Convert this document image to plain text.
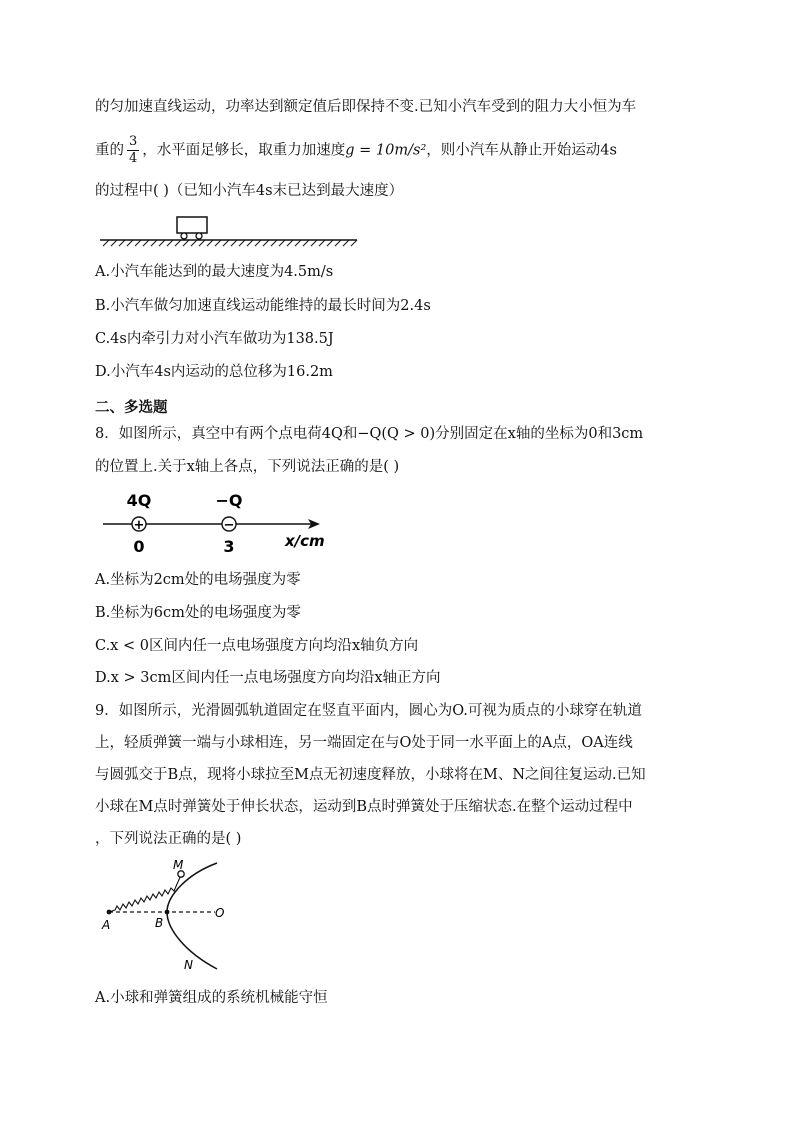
的匀加速直线运动，功率达到额定值后即保持不变.已知小汽车受到的阻力大小恒为车
重的 $\frac{3}{4}$ ，水平面足够长，取重力加速度g = 10m/s²，则小汽车从静止开始运动4s
的过程中( )（已知小汽车4s末已达到最大速度）
A.小汽车能达到的最大速度为4.5m/s
B.小汽车做匀加速直线运动能维持的最长时间为2.4s
C.4s内牵引力对小汽车做功为138.5J
D.小汽车4s内运动的总位移为16.2m
二、多选题
8．如图所示，真空中有两个点电荷4Q和−Q(Q > 0)分别固定在x轴的坐标为0和3cm
的位置上.关于x轴上各点，下列说法正确的是( )
4Q	−Q
+	−
0	3	x/cm
A.坐标为2cm处的电场强度为零
B.坐标为6cm处的电场强度为零
C.x < 0区间内任一点电场强度方向均沿x轴负方向
D.x > 3cm区间内任一点电场强度方向均沿x轴正方向
9．如图所示，光滑圆弧轨道固定在竖直平面内，圆心为O.可视为质点的小球穿在轨道
上，轻质弹簧一端与小球相连，另一端固定在与O处于同一水平面上的A点，OA连线
与圆弧交于B点，现将小球拉至M点无初速度释放，小球将在M、N之间往复运动.已知
小球在M点时弹簧处于伸长状态，运动到B点时弹簧处于压缩状态.在整个运动过程中
，下列说法正确的是( )
M
A	B
O
N
A.小球和弹簧组成的系统机械能守恒
